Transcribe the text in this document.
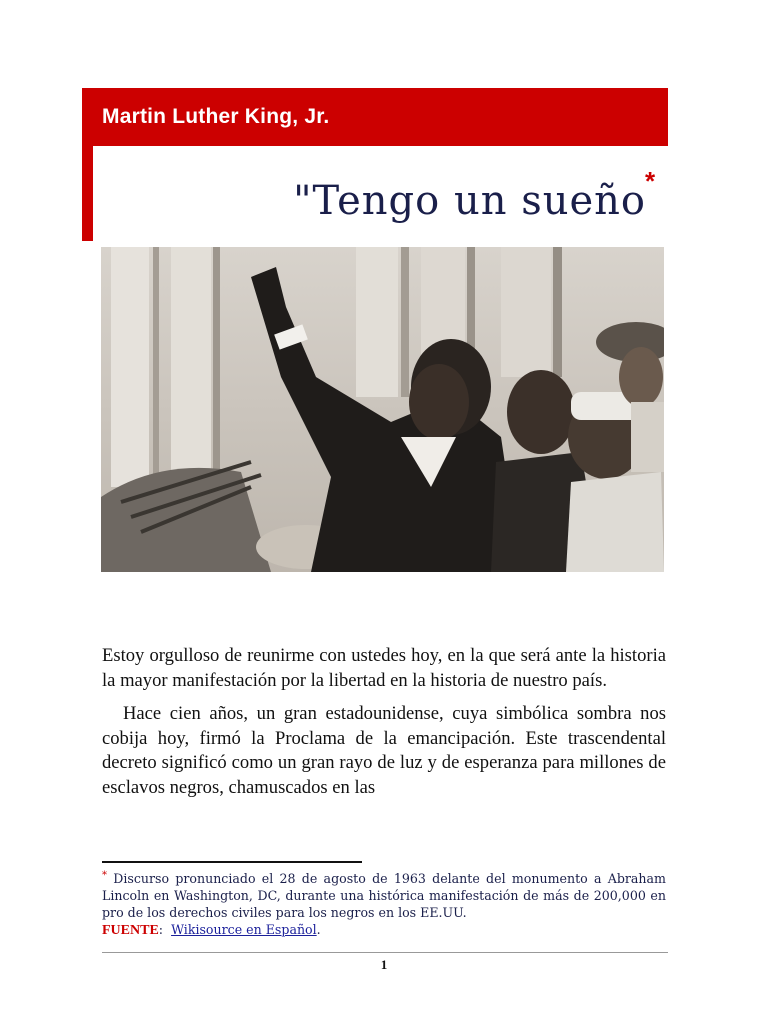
Martin Luther King, Jr.
"Tengo un sueño *

Estoy orgulloso de reunirme con ustedes hoy, en la que será ante la historia la mayor manifestación por la libertad en la historia de nuestro país.

Hace cien años, un gran estadounidense, cuya simbólica sombra nos cobija hoy, firmó la Proclama de la emancipación. Este trascendental decreto significó como un gran rayo de luz y de esperanza para millones de esclavos negros, chamuscados en las

* Discurso pronunciado el 28 de agosto de 1963 delante del monumento a Abraham Lincoln en Washington, DC, durante una histórica manifestación de más de 200,000 en pro de los derechos civiles para los negros en los EE.UU.

FUENTE: Wikisource en Español.

1
